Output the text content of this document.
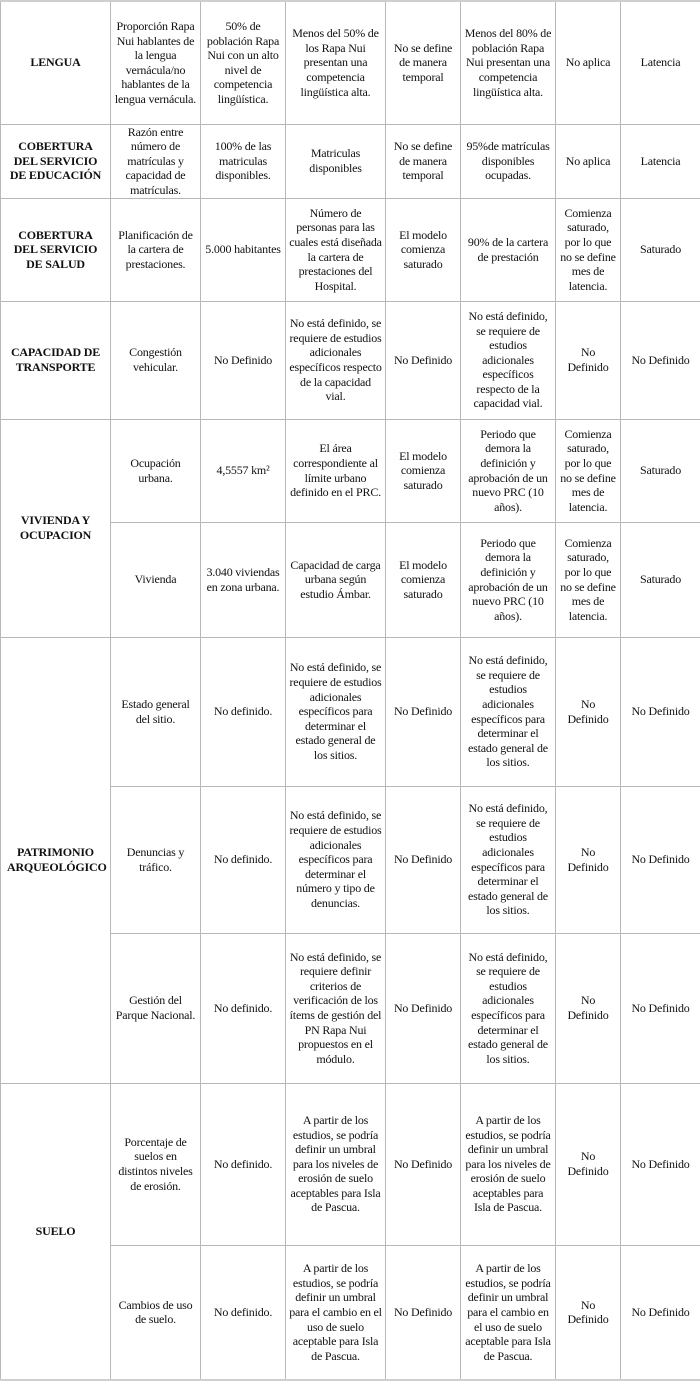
LENGUA	Proporción Rapa Nui hablantes de la lengua vernácula/no hablantes de la lengua vernácula.	50% de población Rapa Nui con un alto nivel de competencia lingüística.	Menos del 50% de los Rapa Nui presentan una competencia lingüística alta.	No se define de manera temporal	Menos del 80% de población Rapa Nui presentan una competencia lingüística alta.	No aplica	Latencia
COBERTURA DEL SERVICIO DE EDUCACIÓN	Razón entre número de matrículas y capacidad de matrículas.	100% de las matriculas disponibles.	Matriculas disponibles	No se define de manera temporal	95%de matrículas disponibles ocupadas.	No aplica	Latencia
COBERTURA DEL SERVICIO DE SALUD	Planificación de la cartera de prestaciones.	5.000 habitantes	Número de personas para las cuales está diseñada la cartera de prestaciones del Hospital.	El modelo comienza saturado	90% de la cartera de prestación	Comienza saturado, por lo que no se define mes de latencia.	Saturado
CAPACIDAD DE TRANSPORTE	Congestión vehicular.	No Definido	No está definido, se requiere de estudios adicionales específicos respecto de la capacidad vial.	No Definido	No está definido, se requiere de estudios adicionales específicos respecto de la capacidad vial.	No Definido	No Definido
VIVIENDA Y OCUPACION	Ocupación urbana.	4,5557 km²	El área correspondiente al límite urbano definido en el PRC.	El modelo comienza saturado	Periodo que demora la definición y aprobación de un nuevo PRC (10 años).	Comienza saturado, por lo que no se define mes de latencia.	Saturado
	Vivienda	3.040 viviendas en zona urbana.	Capacidad de carga urbana según estudio Ámbar.	El modelo comienza saturado	Periodo que demora la definición y aprobación de un nuevo PRC (10 años).	Comienza saturado, por lo que no se define mes de latencia.	Saturado
PATRIMONIO ARQUEOLÓGICO	Estado general del sitio.	No definido.	No está definido, se requiere de estudios adicionales específicos para determinar el estado general de los sitios.	No Definido	No está definido, se requiere de estudios adicionales específicos para determinar el estado general de los sitios.	No Definido	No Definido
	Denuncias y tráfico.	No definido.	No está definido, se requiere de estudios adicionales específicos para determinar el número y tipo de denuncias.	No Definido	No está definido, se requiere de estudios adicionales específicos para determinar el estado general de los sitios.	No Definido	No Definido
	Gestión del Parque Nacional.	No definido.	No está definido, se requiere definir criterios de verificación de los ítems de gestión del PN Rapa Nui propuestos en el módulo.	No Definido	No está definido, se requiere de estudios adicionales específicos para determinar el estado general de los sitios.	No Definido	No Definido
SUELO	Porcentaje de suelos en distintos niveles de erosión.	No definido.	A partir de los estudios, se podría definir un umbral para los niveles de erosión de suelo aceptables para Isla de Pascua.	No Definido	A partir de los estudios, se podría definir un umbral para los niveles de erosión de suelo aceptables para Isla de Pascua.	No Definido	No Definido
	Cambios de uso de suelo.	No definido.	A partir de los estudios, se podría definir un umbral para el cambio en el uso de suelo aceptable para Isla de Pascua.	No Definido	A partir de los estudios, se podría definir un umbral para el cambio en el uso de suelo aceptable para Isla de Pascua.	No Definido	No Definido
